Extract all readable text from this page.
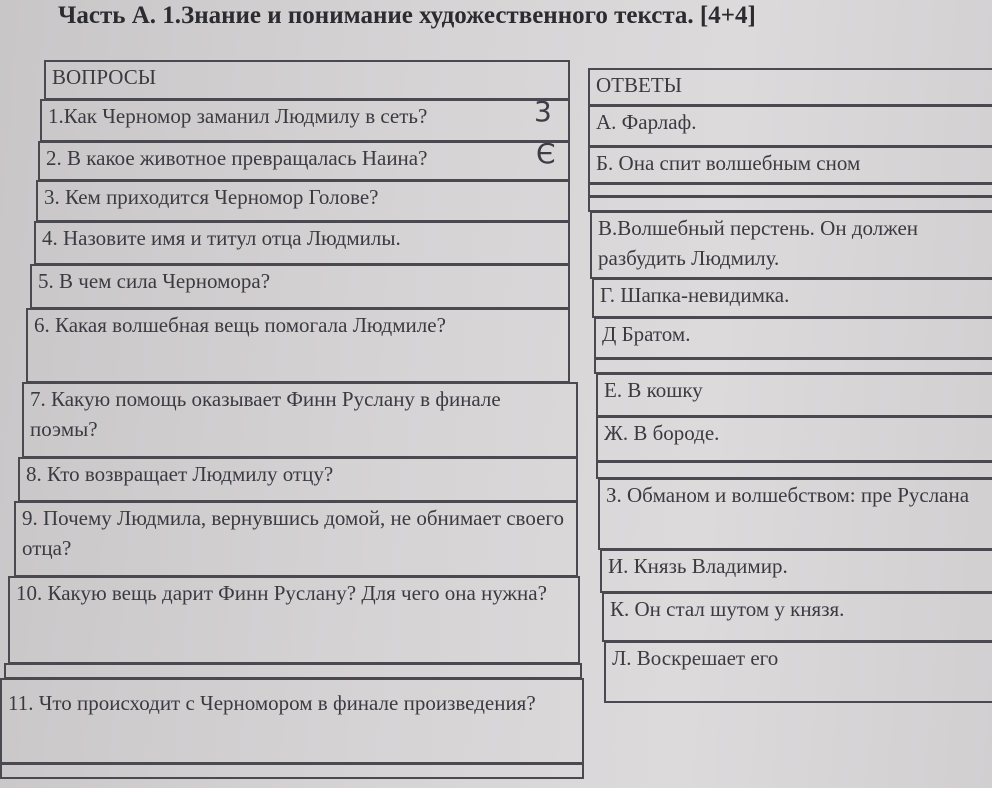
Часть А. 1.Знание и понимание художественного текста. [4+4]
ВОПРОСЫ
1.Как Черномор заманил Людмилу в сеть?	3
2. В какое животное превращалась Наина?	Є
3. Кем приходится Черномор Голове?
4. Назовите имя и титул отца Людмилы.
5. В чем сила Черномора?
6. Какая волшебная вещь помогала Людмиле?
7. Какую помощь оказывает Финн Руслану в финале поэмы?
8. Кто возвращает Людмилу отцу?
9. Почему Людмила, вернувшись домой, не обнимает своего отца?
10. Какую вещь дарит Финн Руслану? Для чего она нужна?
11. Что происходит с Черномором в финале произведения?
ОТВЕТЫ
А. Фарлаф.
Б. Она спит волшебным сном
В.Волшебный перстень. Он должен разбудить Людмилу.
Г. Шапка-невидимка.
Д Братом.
Е. В кошку
Ж. В бороде.
З. Обманом и волшебством: пре Руслана
И. Князь Владимир.
К. Он стал шутом у князя.
Л. Воскрешает его
